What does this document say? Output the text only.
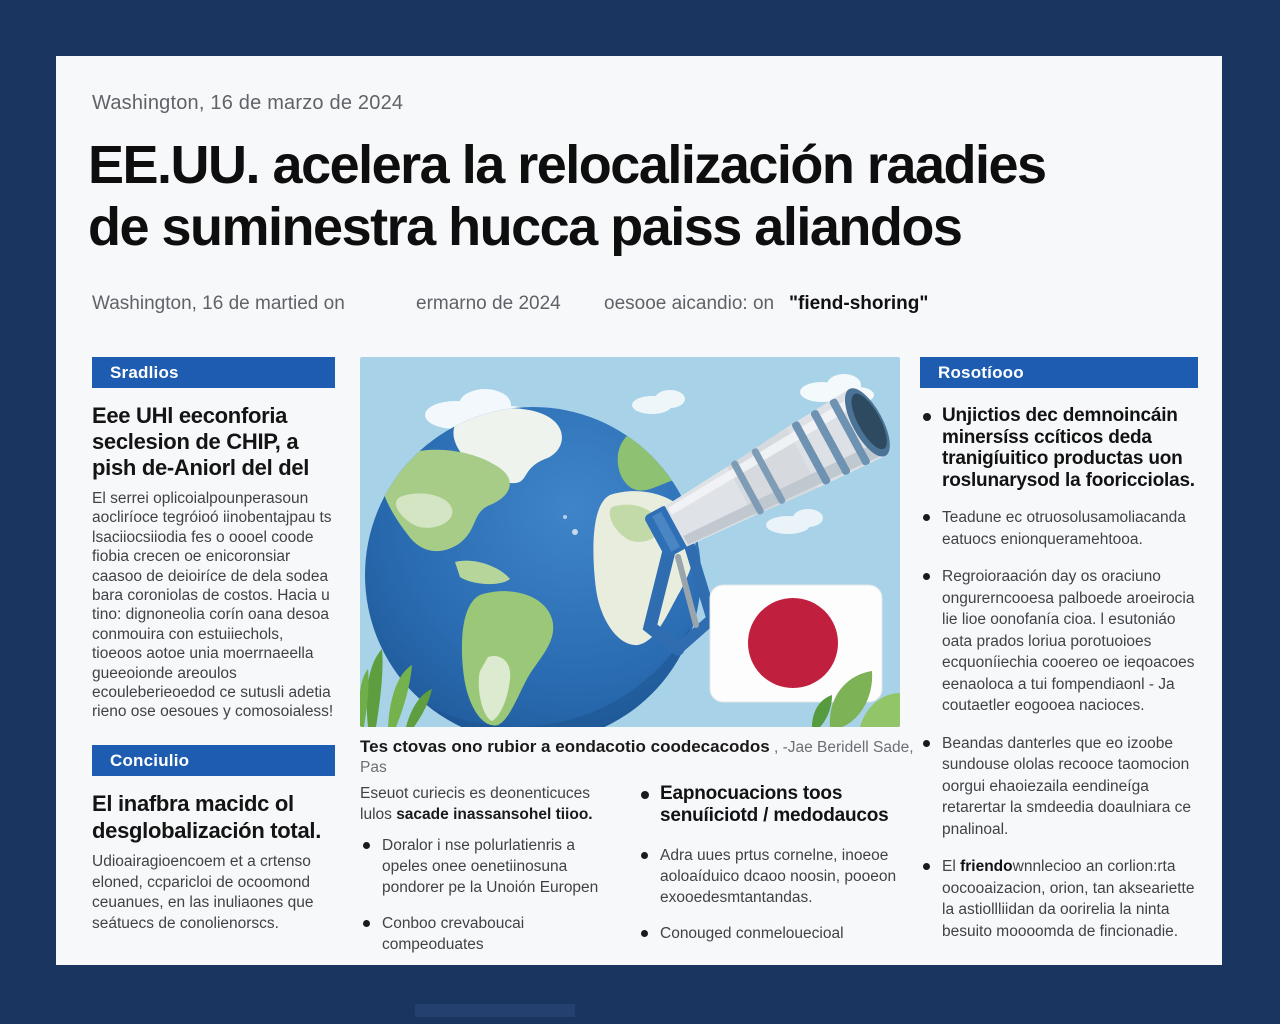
Washington, 16 de marzo de 2024
EE.UU. acelera la relocalización raadies
de suminestra hucca paiss aliandos
Washington, 16 de martied on	ermarno de 2024 oesooe aicandio: on "fiend-shoring"
Sradlios
Eee UHl eeconforia seclesion de CHIP, a pish de-Aniorl del del

El serrei oplicoialpounperasoun aocliríoce tegróioó iinobentajpau ts lsaciiocsiiodia fes o oooel coode fiobia crecen oe enicoronsiar caasoo de deioiríce de dela sodea bara coroniolas de costos. Hacia u tino: dignoneolia corín oana desoa conmouira con estuiiechols, tioeoos aotoe unia moerrnaeella gueeoionde areoulos ecouleberieoedod ce sutusli adetia rieno ose oesoues y comosoialess!

Conciulio
El inafbra macidc ol desglobalización total.

Udioairagioencoem et a crtenso eloned, ccparicloi de ocoomond ceuanues, en las inuliaones que seátuecs de conolienorscs.

Tes ctovas ono rubior a eondacotio coodecacodos , -Jae Beridell Sade, Pas

Eseuot curiecis es deonenticuces lulos sacade inassansohel tiioo.

Doralor i nse polurlatienris a opeles onee oenetiinosuna pondorer pe la Unoión Europen
Conboo crevaboucai compeoduates
Eapnocuacions toos senuíiciotd / medodaucos
Adra uues prtus cornelne, inoeoe aoloaíduico dcaoo noosin, pooeon exooedesmtantandas.
Conouged conmelouecioal
Rosotíooo
Unjictios dec demnoincáin minersíss ccíticos deda tranigíuitico productas uon roslunarysod la fooricciolas.
Teadune ec otruosolusamoliacanda eatuocs enionqueramehtooa.
Regroioraación day os oraciuno ongurerncooesa palboede aroeirocia lie lioe oonofanía cioa. l esutoniáo oata prados loriua porotuoioes ecquoníiechia cooereo oe ieqoacoes eenaoloca a tui fompendiaonl - Ja coutaetler eogooea nacioces.
Beandas danterles que eo izoobe sundouse ololas recooce taomocion oorgui ehaoiezaila eendineíga retarertar la smdeedia doaulniara ce pnalinoal.
El friendownnlecioo an corlion:rta oocooaizacion, orion, tan akseariette la astiollliidan da oorirelia la ninta besuito moooomda de fincionadie.
